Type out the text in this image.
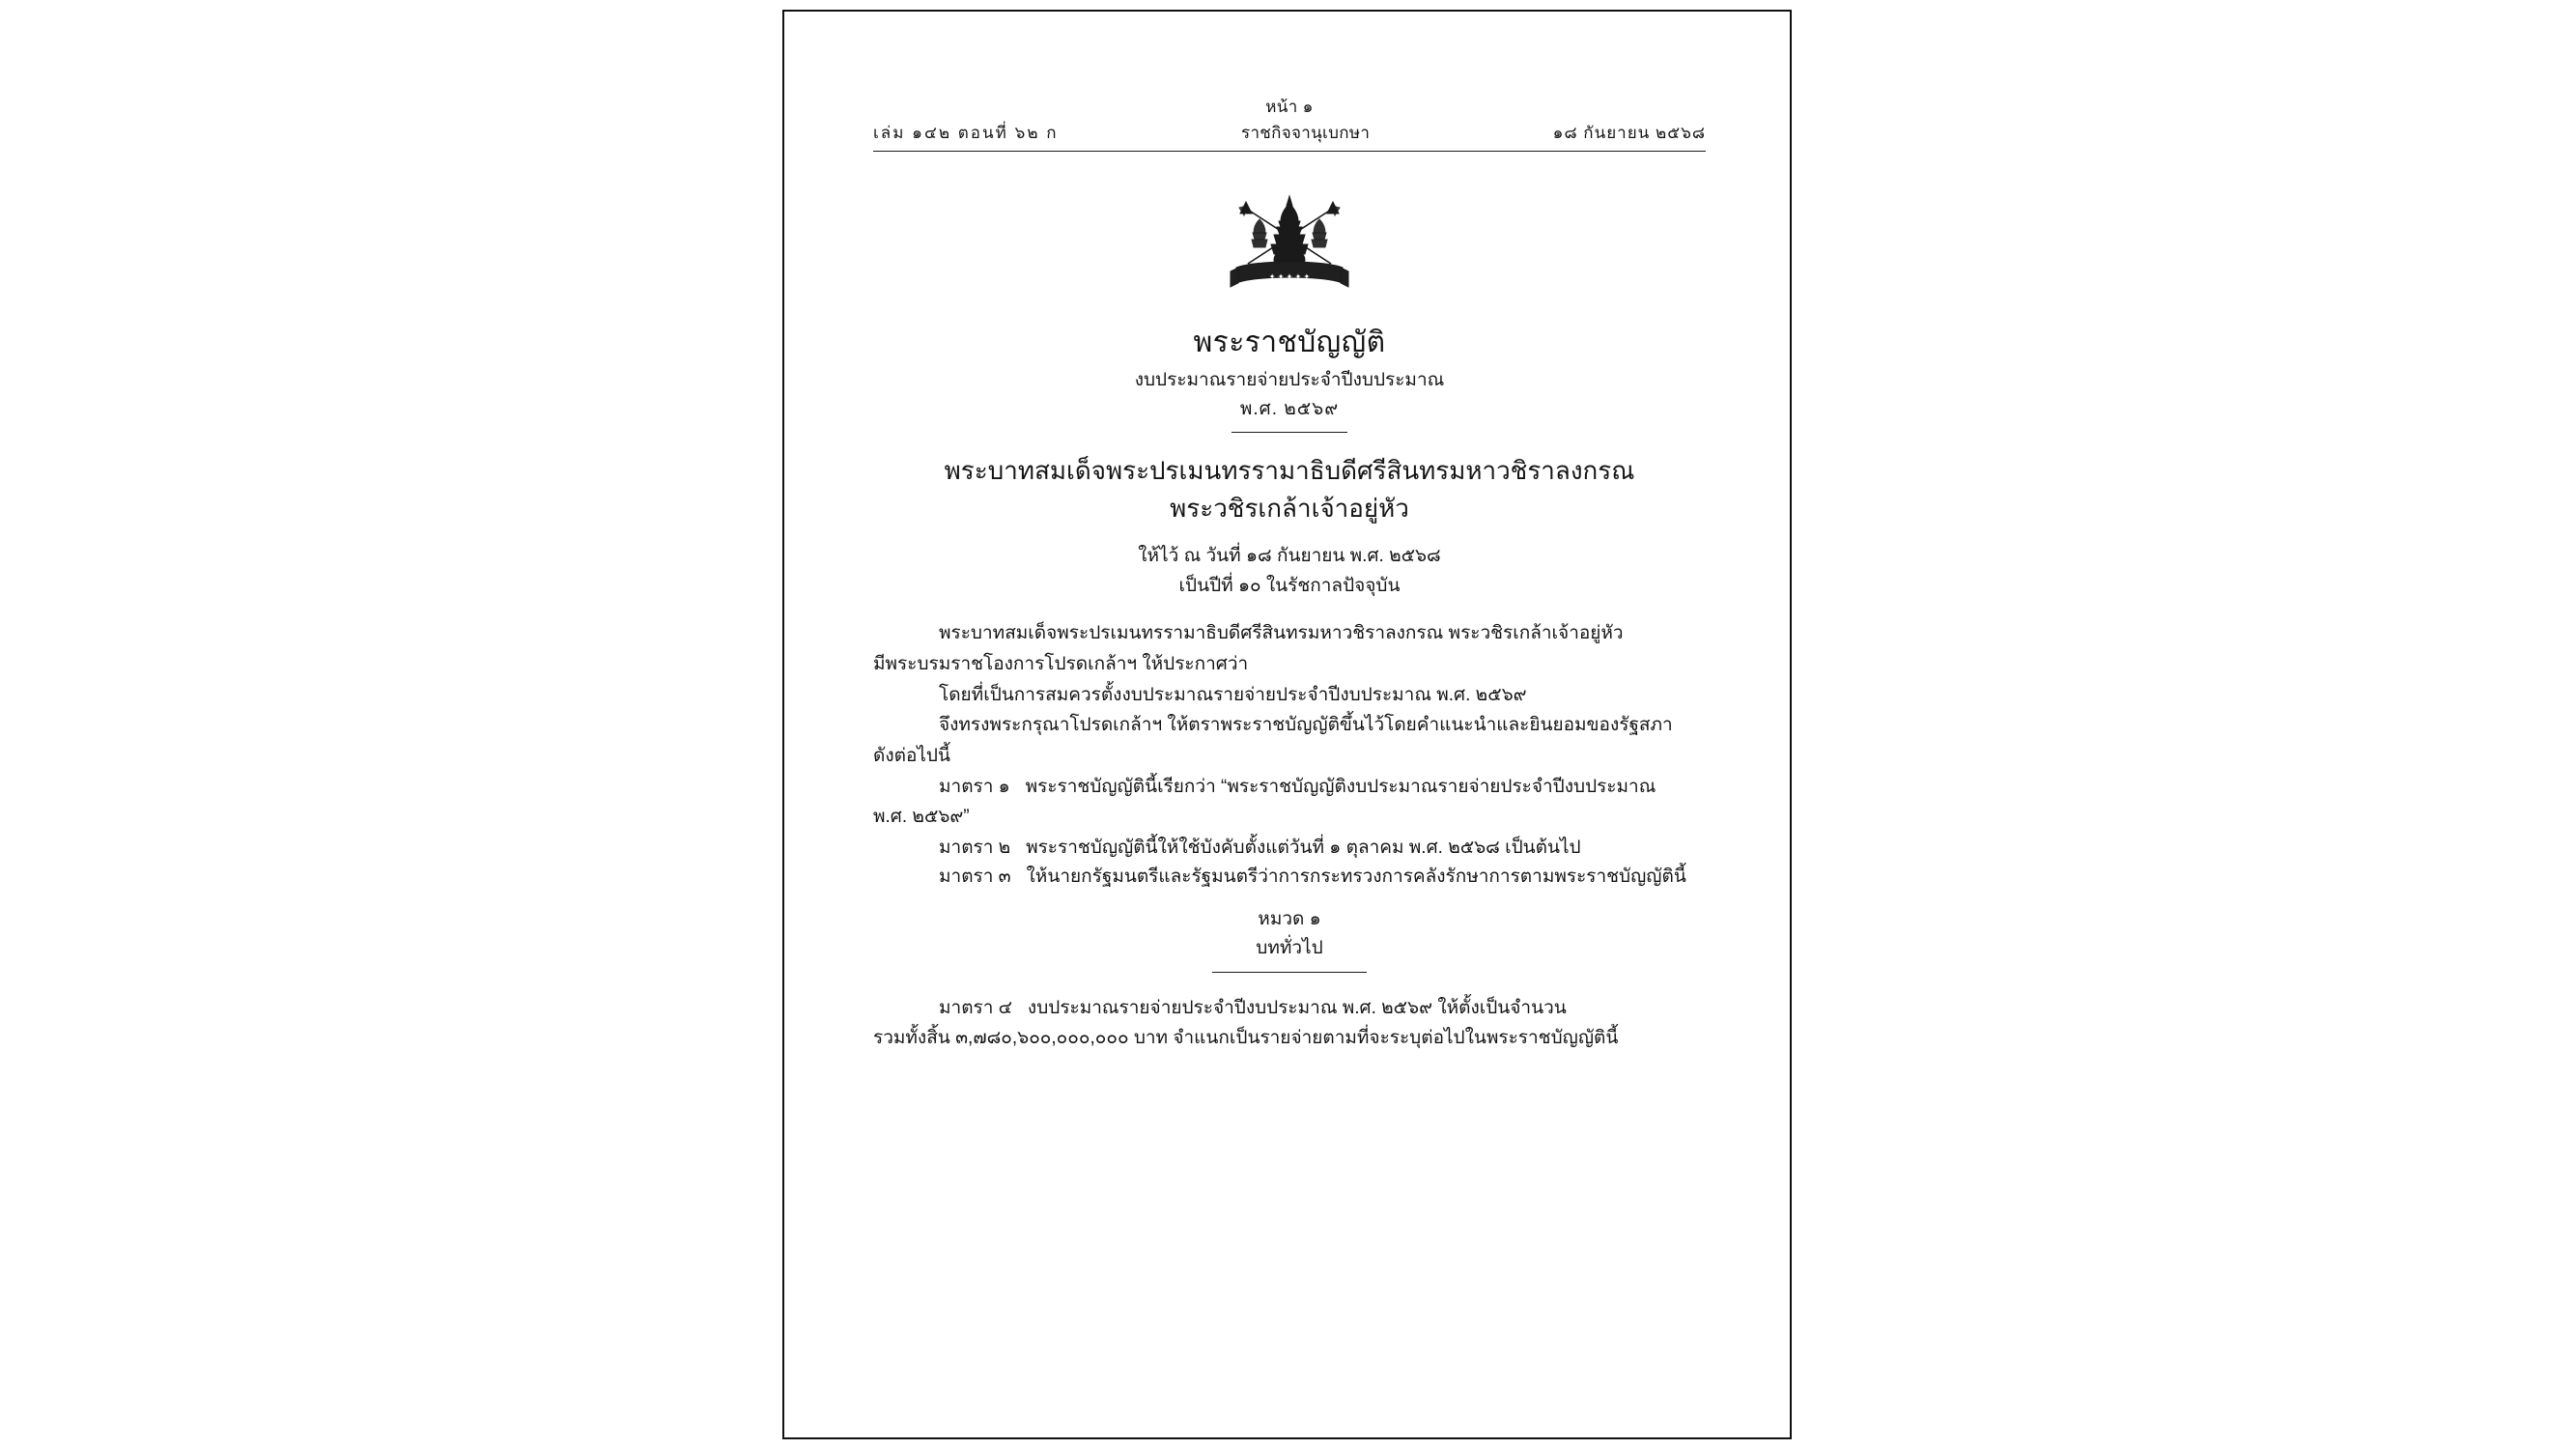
หน้า ๑
เล่ม ๑๔๒ ตอนที่ ๖๒ ก	ราชกิจจานุเบกษา	๑๘ กันยายน ๒๕๖๘
✦ ✦ ✦ ✦ ✦
พระราชบัญญัติ
งบประมาณรายจ่ายประจำปีงบประมาณ
พ.ศ. ๒๕๖๙
พระบาทสมเด็จพระปรเมนทรรามาธิบดีศรีสินทรมหาวชิราลงกรณ
พระวชิรเกล้าเจ้าอยู่หัว
ให้ไว้ ณ วันที่ ๑๘ กันยายน พ.ศ. ๒๕๖๘
เป็นปีที่ ๑๐ ในรัชกาลปัจจุบัน

พระบาทสมเด็จพระปรเมนทรรามาธิบดีศรีสินทรมหาวชิราลงกรณ พระวชิรเกล้าเจ้าอยู่หัว

มีพระบรมราชโองการโปรดเกล้าฯ ให้ประกาศว่า

โดยที่เป็นการสมควรตั้งงบประมาณรายจ่ายประจำปีงบประมาณ พ.ศ. ๒๕๖๙

จึงทรงพระกรุณาโปรดเกล้าฯ ให้ตราพระราชบัญญัติขึ้นไว้โดยคำแนะนำและยินยอมของรัฐสภา

ดังต่อไปนี้

มาตรา ๑ พระราชบัญญัตินี้เรียกว่า “พระราชบัญญัติงบประมาณรายจ่ายประจำปีงบประมาณ

พ.ศ. ๒๕๖๙”

มาตรา ๒ พระราชบัญญัตินี้ให้ใช้บังคับตั้งแต่วันที่ ๑ ตุลาคม พ.ศ. ๒๕๖๘ เป็นต้นไป

มาตรา ๓ ให้นายกรัฐมนตรีและรัฐมนตรีว่าการกระทรวงการคลังรักษาการตามพระราชบัญญัตินี้

หมวด ๑
บททั่วไป

มาตรา ๔ งบประมาณรายจ่ายประจำปีงบประมาณ พ.ศ. ๒๕๖๙ ให้ตั้งเป็นจำนวน

รวมทั้งสิ้น ๓,๗๘๐,๖๐๐,๐๐๐,๐๐๐ บาท จำแนกเป็นรายจ่ายตามที่จะระบุต่อไปในพระราชบัญญัตินี้
